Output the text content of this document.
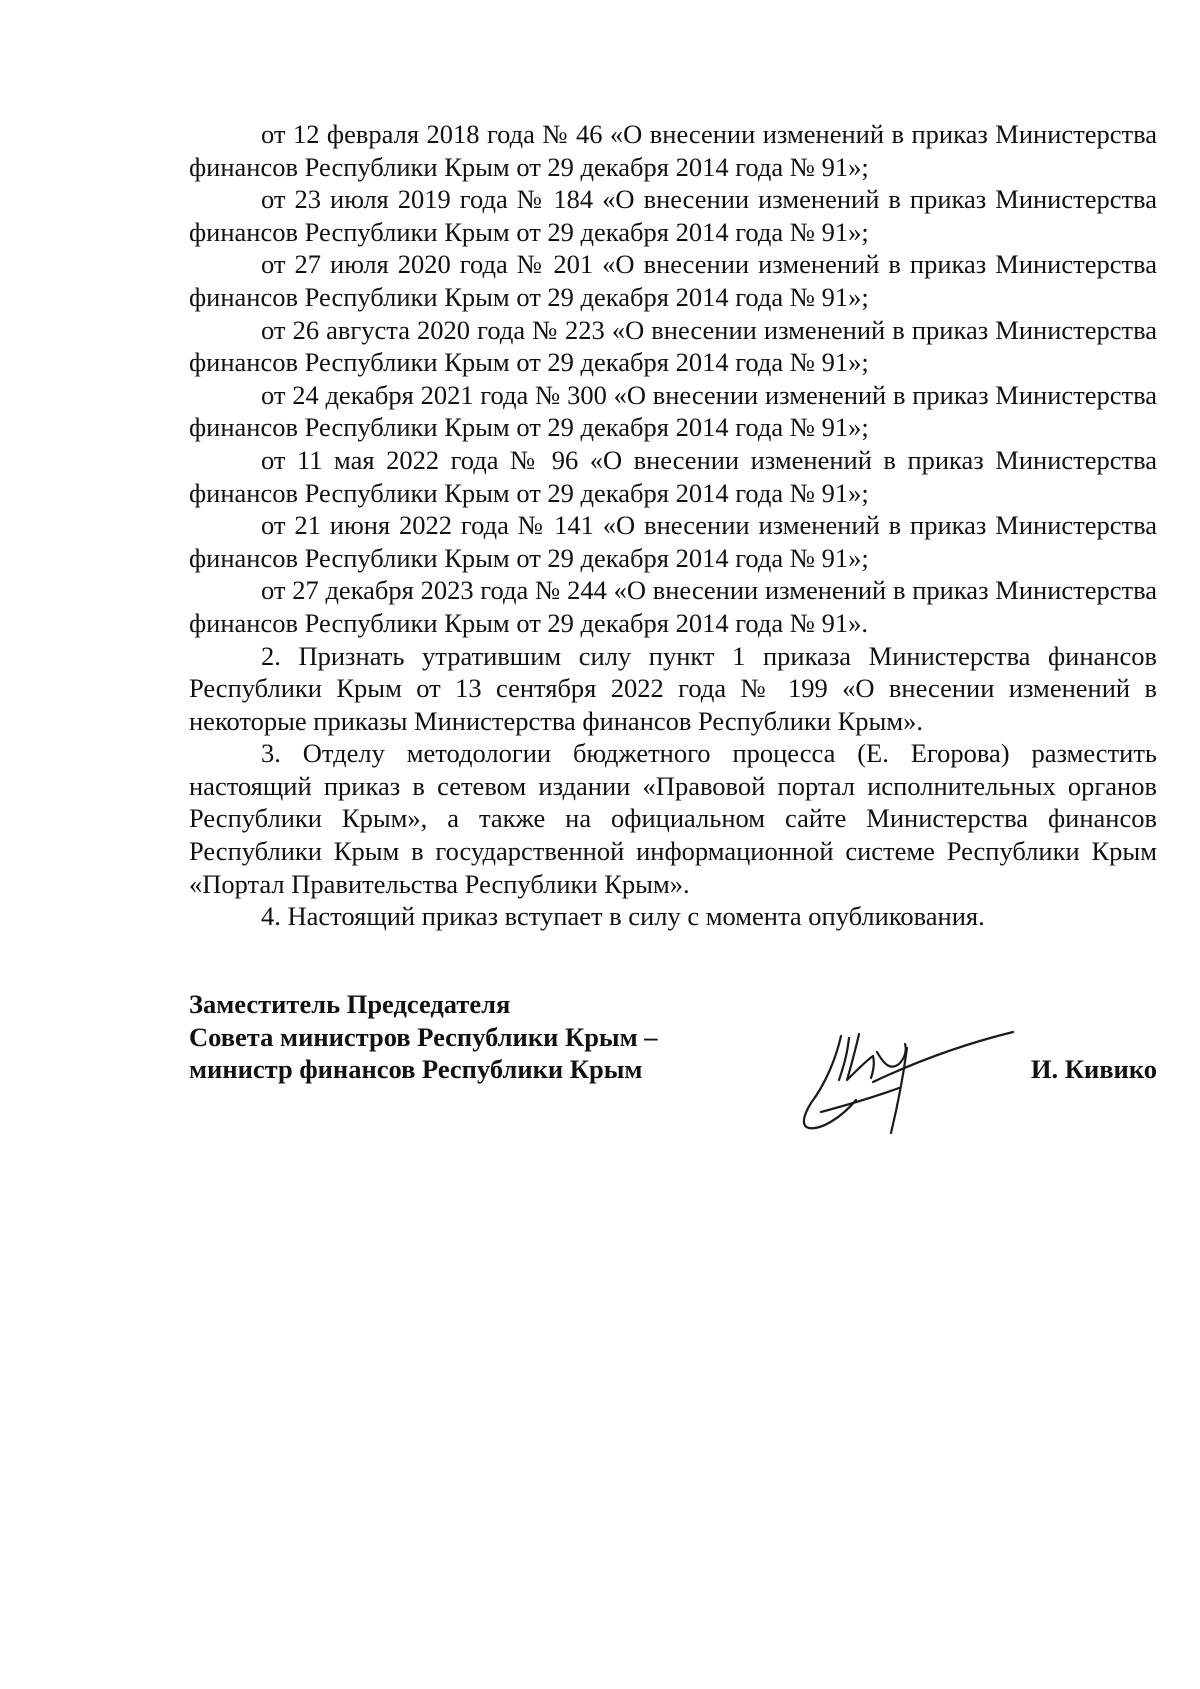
от 12 февраля 2018 года № 46 «О внесении изменений в приказ Министерства финансов Республики Крым от 29 декабря 2014 года № 91»;

от 23 июля 2019 года № 184 «О внесении изменений в приказ Министерства финансов Республики Крым от 29 декабря 2014 года № 91»;

от 27 июля 2020 года № 201 «О внесении изменений в приказ Министерства финансов Республики Крым от 29 декабря 2014 года № 91»;

от 26 августа 2020 года № 223 «О внесении изменений в приказ Министерства финансов Республики Крым от 29 декабря 2014 года № 91»;

от 24 декабря 2021 года № 300 «О внесении изменений в приказ Министерства финансов Республики Крым от 29 декабря 2014 года № 91»;

от 11 мая 2022 года № 96 «О внесении изменений в приказ Министерства финансов Республики Крым от 29 декабря 2014 года № 91»;

от 21 июня 2022 года № 141 «О внесении изменений в приказ Министерства финансов Республики Крым от 29 декабря 2014 года № 91»;

от 27 декабря 2023 года № 244 «О внесении изменений в приказ Министерства финансов Республики Крым от 29 декабря 2014 года № 91».

2. Признать утратившим силу пункт 1 приказа Министерства финансов Республики Крым от 13 сентября 2022 года № 199 «О внесении изменений в некоторые приказы Министерства финансов Республики Крым».

3. Отделу методологии бюджетного процесса (Е. Егорова) разместить настоящий приказ в сетевом издании «Правовой портал исполнительных органов Республики Крым», а также на официальном сайте Министерства финансов Республики Крым в государственной информационной системе Республики Крым «Портал Правительства Республики Крым».

4. Настоящий приказ вступает в силу с момента опубликования.

Заместитель Председателя
Совета министров Республики Крым –
министр финансов Республики Крым	И. Кивико
